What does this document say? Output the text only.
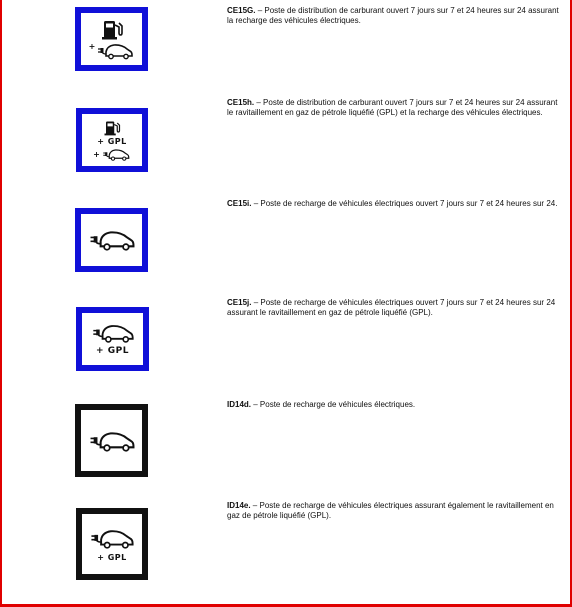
+
CE15G. – Poste de distribution de carburant ouvert 7 jours sur 7 et 24 heures sur 24 assurant la recharge des véhicules électriques.
+ GPL
+
CE15h. – Poste de distribution de carburant ouvert 7 jours sur 7 et 24 heures sur 24 assurant le ravitaillement en gaz de pétrole liquéfié (GPL) et la recharge des véhicules électriques.
CE15i. – Poste de recharge de véhicules électriques ouvert 7 jours sur 7 et 24 heures sur 24.
+ GPL
CE15j. – Poste de recharge de véhicules électriques ouvert 7 jours sur 7 et 24 heures sur 24 assurant le ravitaillement en gaz de pétrole liquéfié (GPL).
ID14d. – Poste de recharge de véhicules électriques.
+ GPL
ID14e. – Poste de recharge de véhicules électriques assurant également le ravitaillement en gaz de pétrole liquéfié (GPL).
